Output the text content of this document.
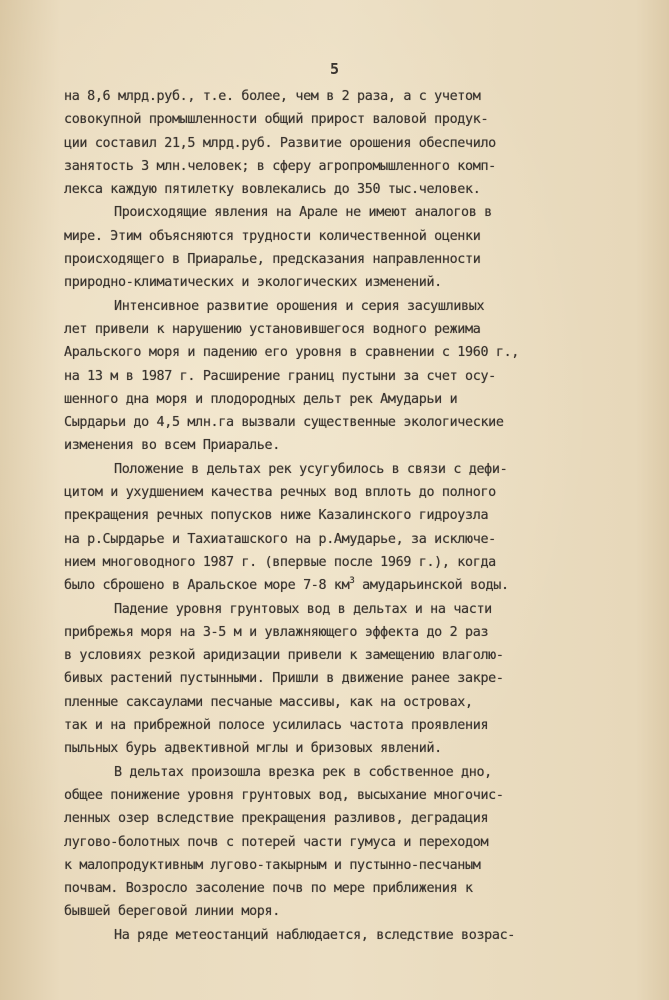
5
на 8,6 млрд.руб., т.е. более, чем в 2 раза, а с учетом
совокупной промышленности общий прирост валовой продук-
ции составил 21,5 млрд.руб. Развитие орошения обеспечило
занятость 3 млн.человек; в сферу агропромышленного комп-
лекса каждую пятилетку вовлекались до 350 тыс.человек.
Происходящие явления на Арале не имеют аналогов в
мире. Этим объясняются трудности количественной оценки
происходящего в Приаралье, предсказания направленности
природно-климатических и экологических изменений.
Интенсивное развитие орошения и серия засушливых
лет привели к нарушению установившегося водного режима
Аральского моря и падению его уровня в сравнении с 1960 г.,
на 13 м в 1987 г. Расширение границ пустыни за счет осу-
шенного дна моря и плодородных дельт рек Амударьи и
Сырдарьи до 4,5 млн.га вызвали существенные экологические
изменения во всем Приаралье.
Положение в дельтах рек усугубилось в связи с дефи-
цитом и ухудшением качества речных вод вплоть до полного
прекращения речных попусков ниже Казалинского гидроузла
на р.Сырдарье и Тахиаташского на р.Амударье, за исключе-
нием многоводного 1987 г. (впервые после 1969 г.), когда
было сброшено в Аральское море 7-8 $км^3$ амударьинской воды.
Падение уровня грунтовых вод в дельтах и на части
прибрежья моря на 3-5 м и увлажняющего эффекта до 2 раз
в условиях резкой аридизации привели к замещению влаголю-
бивых растений пустынными. Пришли в движение ранее закре-
пленные саксаулами песчаные массивы, как на островах,
так и на прибрежной полосе усилилась частота проявления
пыльных бурь адвективной мглы и бризовых явлений.
В дельтах произошла врезка рек в собственное дно,
общее понижение уровня грунтовых вод, высыхание многочис-
ленных озер вследствие прекращения разливов, деградация
лугово-болотных почв с потерей части гумуса и переходом
к малопродуктивным лугово-такырным и пустынно-песчаным
почвам. Возросло засоление почв по мере приближения к
бывшей береговой линии моря.
На ряде метеостанций наблюдается, вследствие возрас-
